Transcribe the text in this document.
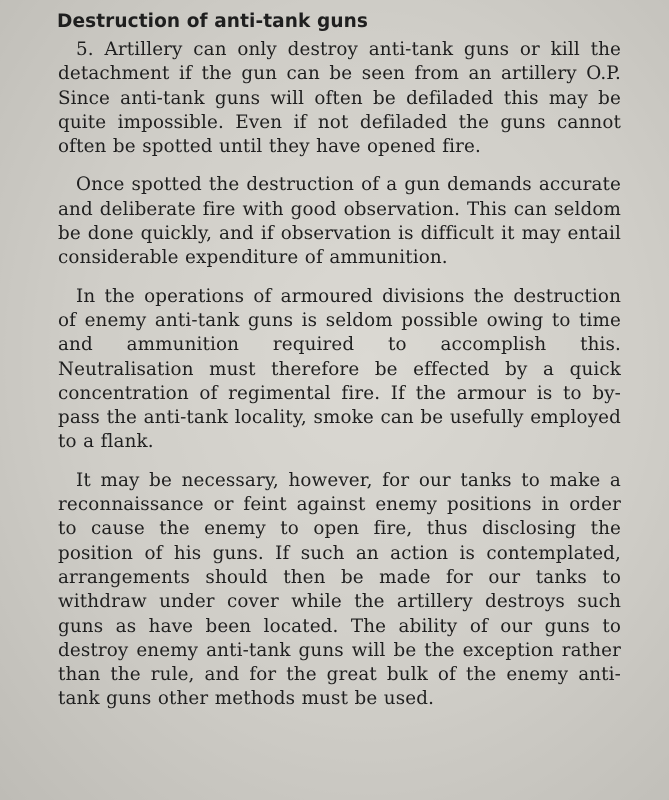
Destruction of anti-tank guns

5. Artillery can only destroy anti-tank guns or kill the detachment if the gun can be seen from an artillery O.P. Since anti-tank guns will often be defiladed this may be quite impossible. Even if not defiladed the guns cannot often be spotted until they have opened fire.

Once spotted the destruction of a gun demands accurate and deliberate fire with good observation. This can seldom be done quickly, and if observation is difficult it may entail considerable expenditure of ammunition.

In the operations of armoured divisions the destruction of enemy anti-tank guns is seldom possible owing to time and ammunition required to accomplish this. Neutralisation must therefore be effected by a quick concentration of regimental fire. If the armour is to by-pass the anti-tank locality, smoke can be usefully employed to a flank.

It may be necessary, however, for our tanks to make a reconnaissance or feint against enemy positions in order to cause the enemy to open fire, thus disclosing the position of his guns. If such an action is contemplated, arrangements should then be made for our tanks to withdraw under cover while the artillery destroys such guns as have been located. The ability of our guns to destroy enemy anti-tank guns will be the exception rather than the rule, and for the great bulk of the enemy anti-tank guns other methods must be used.
